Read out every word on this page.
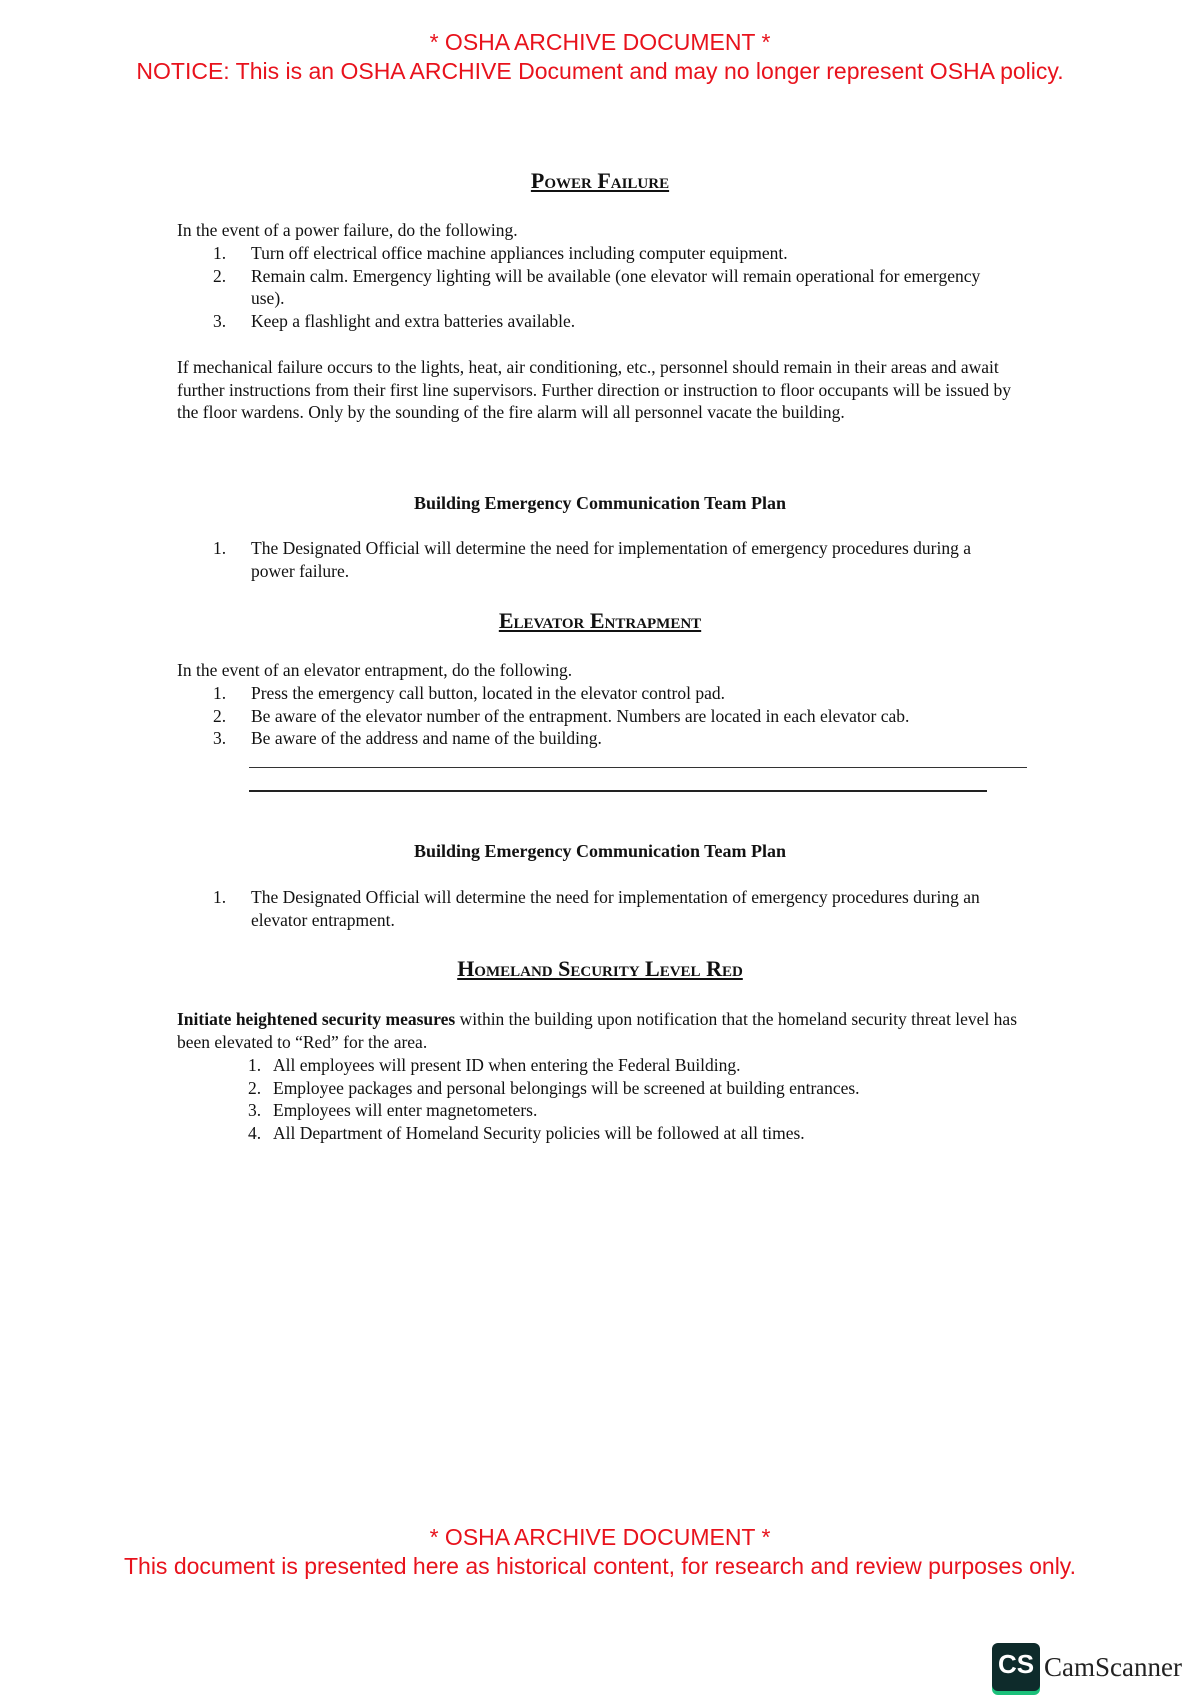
* OSHA ARCHIVE DOCUMENT *

NOTICE: This is an OSHA ARCHIVE Document and may no longer represent OSHA policy.

Power Failure

In the event of a power failure, do the following.

1. Turn off electrical office machine appliances including computer equipment.
2. Remain calm. Emergency lighting will be available (one elevator will remain operational for emergency use).
3. Keep a flashlight and extra batteries available.

If mechanical failure occurs to the lights, heat, air conditioning, etc., personnel should remain in their areas and await further instructions from their first line supervisors. Further direction or instruction to floor occupants will be issued by the floor wardens. Only by the sounding of the fire alarm will all personnel vacate the building.

Building Emergency Communication Team Plan
1. The Designated Official will determine the need for implementation of emergency procedures during a power failure.
Elevator Entrapment

In the event of an elevator entrapment, do the following.

1. Press the emergency call button, located in the elevator control pad.
2. Be aware of the elevator number of the entrapment. Numbers are located in each elevator cab.
3. Be aware of the address and name of the building.
Building Emergency Communication Team Plan
1. The Designated Official will determine the need for implementation of emergency procedures during an elevator entrapment.
Homeland Security Level Red

Initiate heightened security measures within the building upon notification that the homeland security threat level has been elevated to “Red” for the area.

1. All employees will present ID when entering the Federal Building.
2. Employee packages and personal belongings will be screened at building entrances.
3. Employees will enter magnetometers.
4. All Department of Homeland Security policies will be followed at all times.

* OSHA ARCHIVE DOCUMENT *

This document is presented here as historical content, for research and review purposes only.

CS CamScanner
